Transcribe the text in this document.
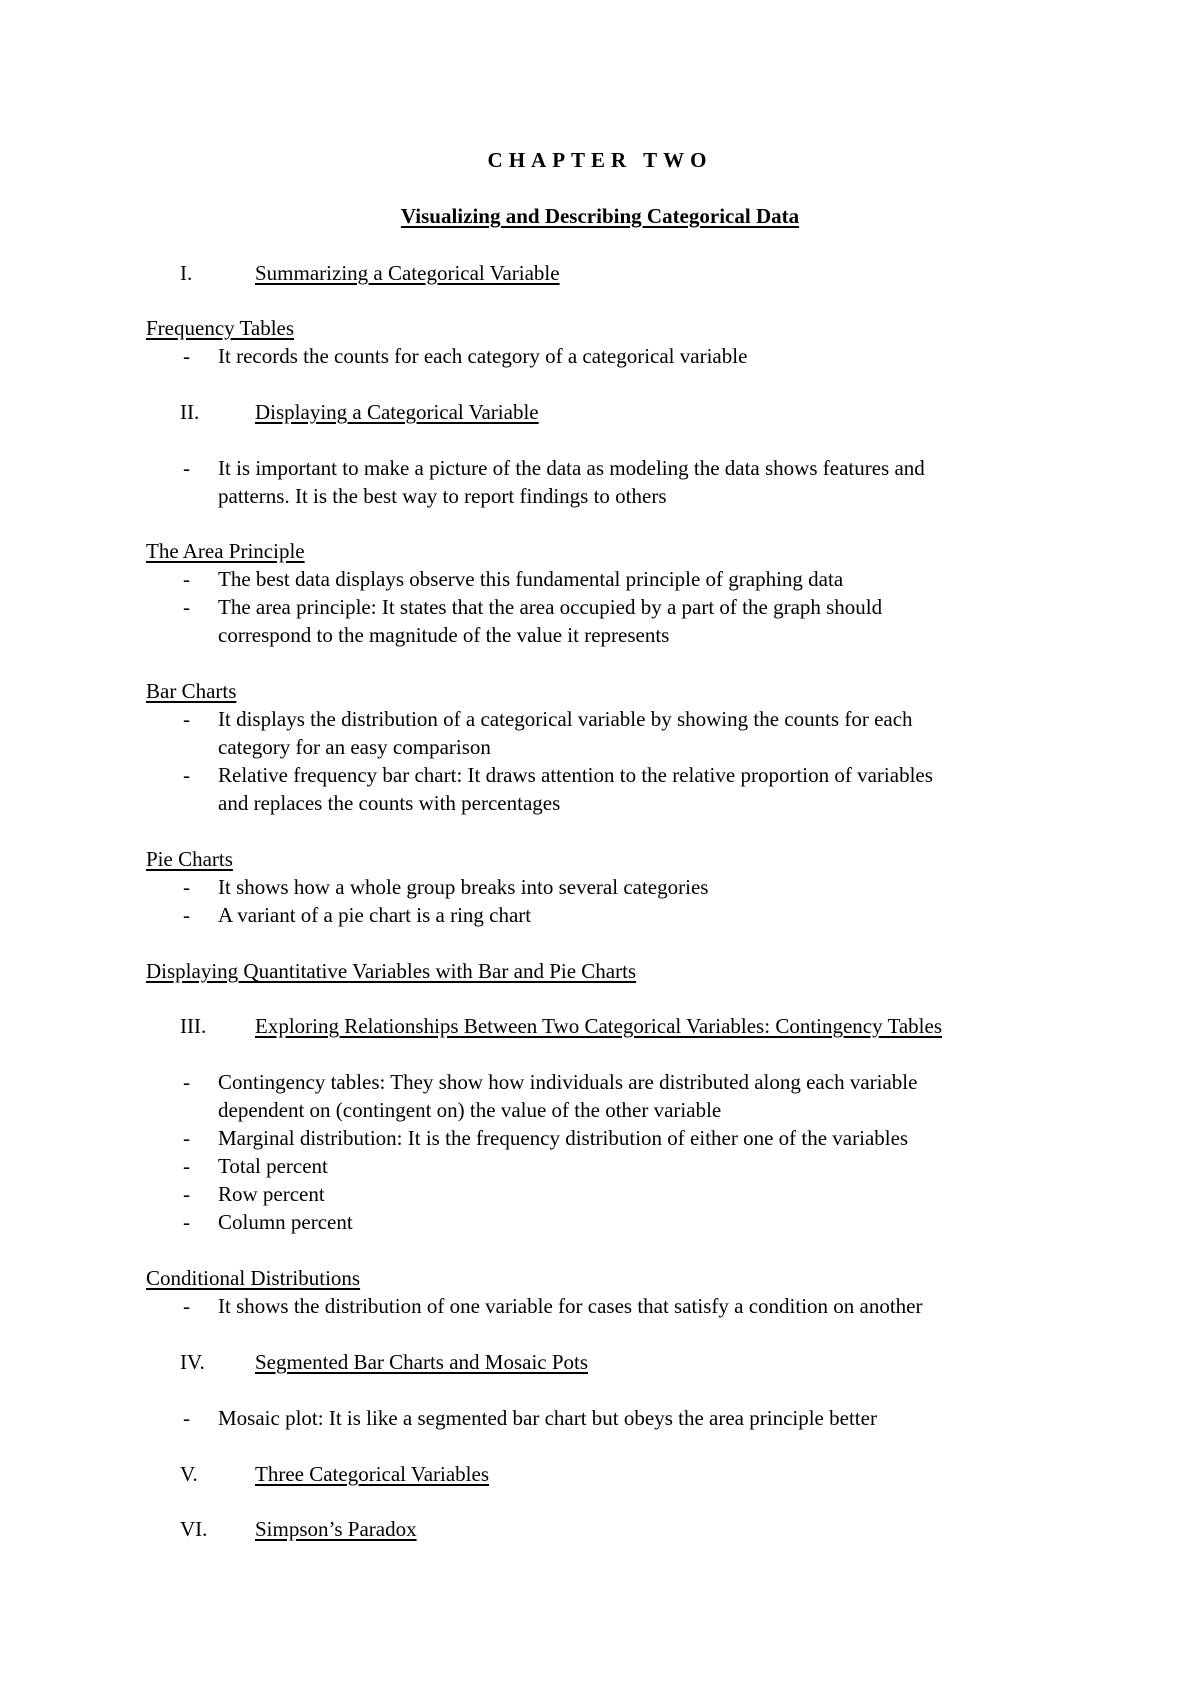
CHAPTER TWO
Visualizing and Describing Categorical Data
I.	Summarizing a Categorical Variable
Frequency Tables
- It records the counts for each category of a categorical variable
II.	Displaying a Categorical Variable
- It is important to make a picture of the data as modeling the data shows features and
patterns. It is the best way to report findings to others
The Area Principle
- The best data displays observe this fundamental principle of graphing data
- The area principle: It states that the area occupied by a part of the graph should
correspond to the magnitude of the value it represents
Bar Charts
- It displays the distribution of a categorical variable by showing the counts for each
category for an easy comparison
- Relative frequency bar chart: It draws attention to the relative proportion of variables
and replaces the counts with percentages
Pie Charts
- It shows how a whole group breaks into several categories
- A variant of a pie chart is a ring chart
Displaying Quantitative Variables with Bar and Pie Charts
III. Exploring Relationships Between Two Categorical Variables: Contingency Tables
- Contingency tables: They show how individuals are distributed along each variable
dependent on (contingent on) the value of the other variable
- Marginal distribution: It is the frequency distribution of either one of the variables
- Total percent
- Row percent
- Column percent
Conditional Distributions
- It shows the distribution of one variable for cases that satisfy a condition on another
IV. Segmented Bar Charts and Mosaic Pots
- Mosaic plot: It is like a segmented bar chart but obeys the area principle better
V.	Three Categorical Variables
VI. Simpson’s Paradox
